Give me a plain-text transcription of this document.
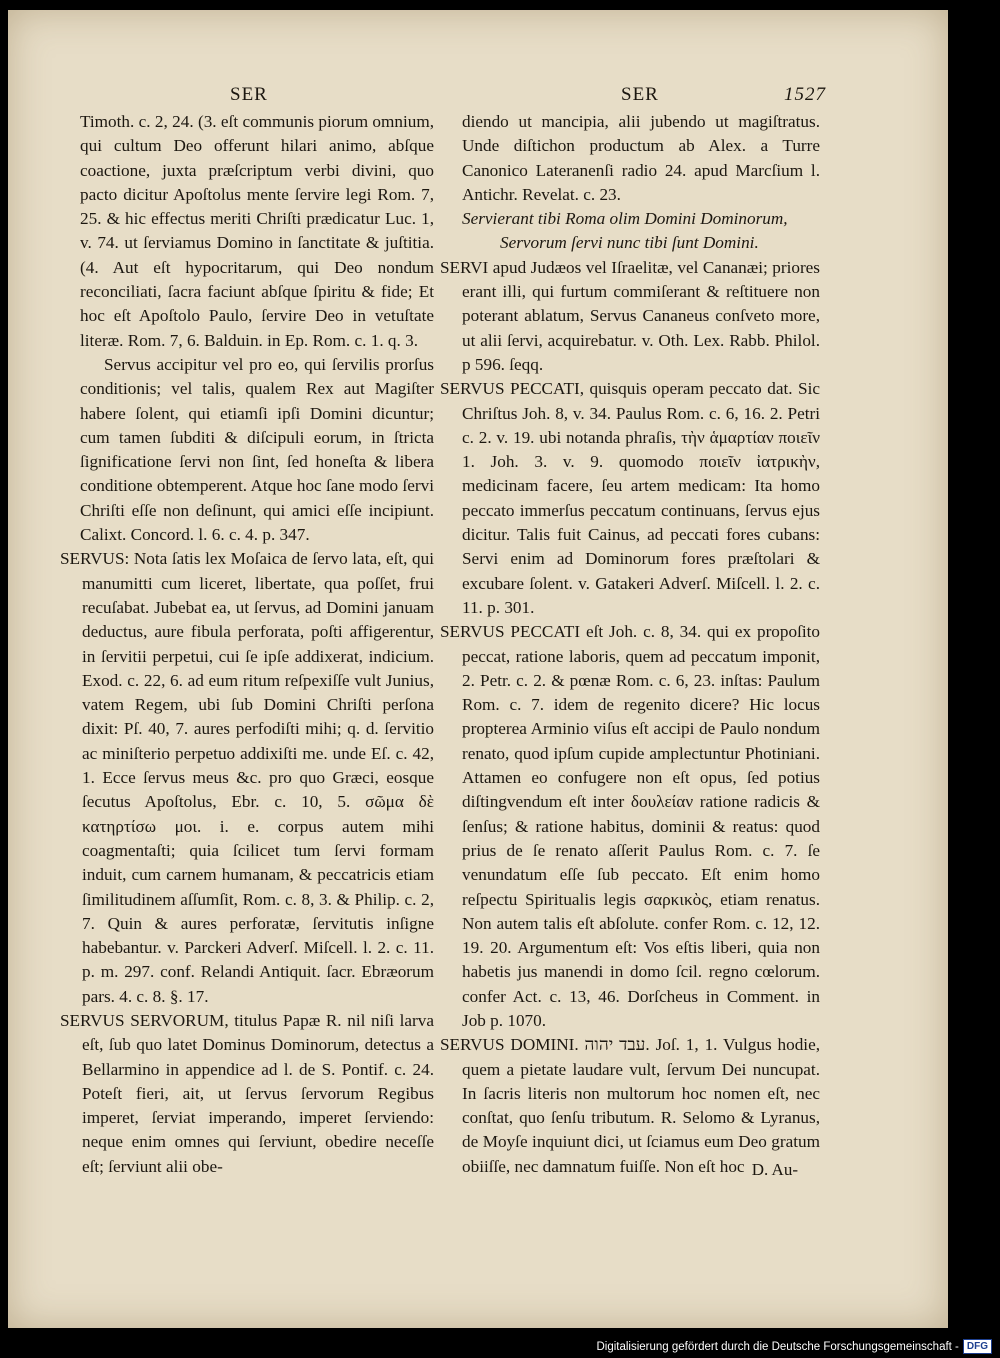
SER	SER	1527

Timoth. c. 2, 24. (3. eſt communis piorum omnium, qui cultum Deo offerunt hilari animo, abſque coactione, juxta præſcriptum verbi divini, quo pacto dicitur Apoſtolus mente ſervire legi Rom. 7, 25. & hic effectus meriti Chriſti prædicatur Luc. 1, v. 74. ut ſerviamus Domino in ſanctitate & juſtitia. (4. Aut eſt hypocritarum, qui Deo nondum reconciliati, ſacra faciunt abſque ſpiritu & fide; Et hoc eſt Apoſtolo Paulo, ſervire Deo in vetuſtate literæ. Rom. 7, 6. Balduin. in Ep. Rom. c. 1. q. 3.

Servus accipitur vel pro eo, qui ſervilis prorſus conditionis; vel talis, qualem Rex aut Magiſter habere ſolent, qui etiamſi ipſi Domini dicuntur; cum tamen ſubditi & diſcipuli eorum, in ſtricta ſignificatione ſervi non ſint, ſed honeſta & libera conditione obtemperent. Atque hoc ſane modo ſervi Chriſti eſſe non deſinunt, qui amici eſſe incipiunt. Calixt. Concord. l. 6. c. 4. p. 347.

SERVUS: Nota ſatis lex Moſaica de ſervo lata, eſt, qui manumitti cum liceret, libertate, qua poſſet, frui recuſabat. Jubebat ea, ut ſervus, ad Domini januam deductus, aure fibula perforata, poſti affigerentur, in ſervitii perpetui, cui ſe ipſe addixerat, indicium. Exod. c. 22, 6. ad eum ritum reſpexiſſe vult Junius, vatem Regem, ubi ſub Domini Chriſti perſona dixit: Pſ. 40, 7. aures perfodiſti mihi; q. d. ſervitio ac miniſterio perpetuo addixiſti me. unde Eſ. c. 42, 1. Ecce ſervus meus &c. pro quo Græci, eosque ſecutus Apoſtolus, Ebr. c. 10, 5. σῶμα δὲ κατηρτίσω μοι. i. e. corpus autem mihi coagmentaſti; quia ſcilicet tum ſervi formam induit, cum carnem humanam, & peccatricis etiam ſimilitudinem aſſumſit, Rom. c. 8, 3. & Philip. c. 2, 7. Quin & aures perforatæ, ſervitutis inſigne habebantur. v. Parckeri Adverſ. Miſcell. l. 2. c. 11. p. m. 297. conf. Relandi Antiquit. ſacr. Ebræorum pars. 4. c. 8. §. 17.

SERVUS SERVORUM, titulus Papæ R. nil niſi larva eſt, ſub quo latet Dominus Dominorum, detectus a Bellarmino in appendice ad l. de S. Pontif. c. 24. Poteſt fieri, ait, ut ſervus ſervorum Regibus imperet, ſerviat imperando, imperet ſerviendo: neque enim omnes qui ſerviunt, obedire neceſſe eſt; ſerviunt alii obe-

diendo ut mancipia, alii jubendo ut magiſtratus. Unde diſtichon productum ab Alex. a Turre Canonico Lateranenſi radio 24. apud Marcſium l. Antichr. Revelat. c. 23.

Servierant tibi Roma olim Domini Dominorum,

Servorum ſervi nunc tibi ſunt Domini.

SERVI apud Judæos vel Iſraelitæ, vel Cananæi; priores erant illi, qui furtum commiſerant & reſtituere non poterant ablatum, Servus Cananeus conſveto more, ut alii ſervi, acquirebatur. v. Oth. Lex. Rabb. Philol. p 596. ſeqq.

SERVUS PECCATI, quisquis operam peccato dat. Sic Chriſtus Joh. 8, v. 34. Paulus Rom. c. 6, 16. 2. Petri c. 2. v. 19. ubi notanda phraſis, τὴν ἁμαρτίαν ποιεῖν 1. Joh. 3. v. 9. quomodo ποιεῖν ἰατρικὴν, medicinam facere, ſeu artem medicam: Ita homo peccato immerſus peccatum continuans, ſervus ejus dicitur. Talis fuit Cainus, ad peccati fores cubans: Servi enim ad Dominorum fores præſtolari & excubare ſolent. v. Gatakeri Adverſ. Miſcell. l. 2. c. 11. p. 301.

SERVUS PECCATI eſt Joh. c. 8, 34. qui ex propoſito peccat, ratione laboris, quem ad peccatum imponit, 2. Petr. c. 2. & pœnæ Rom. c. 6, 23. inſtas: Paulum Rom. c. 7. idem de regenito dicere? Hic locus propterea Arminio viſus eſt accipi de Paulo nondum renato, quod ipſum cupide amplectuntur Photiniani. Attamen eo confugere non eſt opus, ſed potius diſtingvendum eſt inter δουλείαν ratione radicis & ſenſus; & ratione habitus, dominii & reatus: quod prius de ſe renato aſſerit Paulus Rom. c. 7. ſe venundatum eſſe ſub peccato. Eſt enim homo reſpectu Spiritualis legis σαρκικὸς, etiam renatus. Non autem talis eſt abſolute. confer Rom. c. 12, 12. 19. 20. Argumentum eſt: Vos eſtis liberi, quia non habetis jus manendi in domo ſcil. regno cœlorum. confer Act. c. 13, 46. Dorſcheus in Comment. in Job p. 1070.

SERVUS DOMINI. עבד יהוה. Joſ. 1, 1. Vulgus hodie, quem a pietate laudare vult, ſervum Dei nuncupat. In ſacris literis non multorum hoc nomen eſt, nec conſtat, quo ſenſu tributum. R. Selomo & Lyranus, de Moyſe inquiunt dici, ut ſciamus eum Deo gratum obiiſſe, nec damnatum fuiſſe. Non eſt hoc D. Au-
Digitalisierung gefördert durch die Deutsche Forschungsgemeinschaft - DFG
